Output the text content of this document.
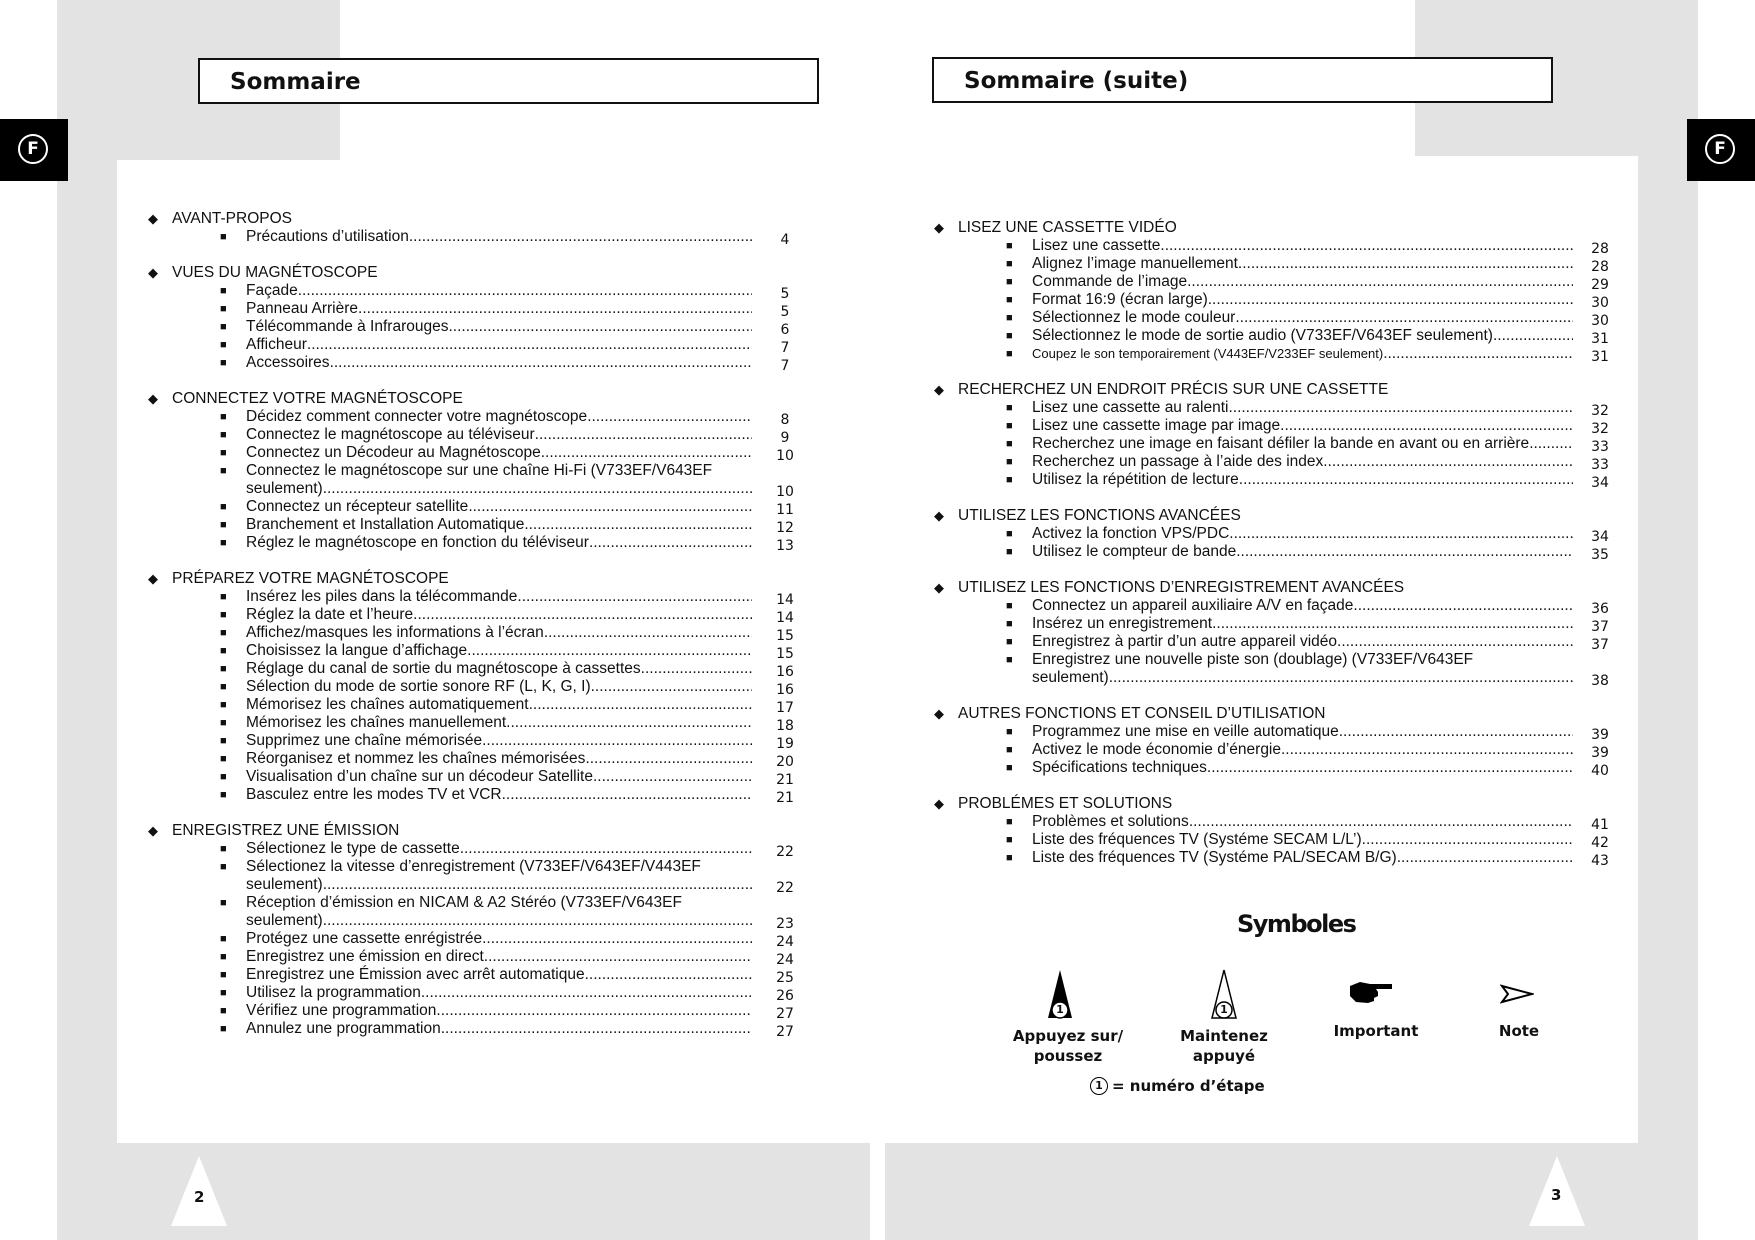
Sommaire	Sommaire (suite)
F	F
◆ AVANT-PROPOS
■ Précautions d’utilisation .....	4
◆ VUES DU MAGNÉTOSCOPE
■ Façade .....	5
■ Panneau Arrière .....	5
■ Télécommande à Infrarouges .....	6
■ Afficheur .....	7
■ Accessoires .....	7
◆ CONNECTEZ VOTRE MAGNÉTOSCOPE
■ Décidez comment connecter votre magnétoscope .....	8
■ Connectez le magnétoscope au téléviseur .....	9
■ Connectez un Décodeur au Magnétoscope .....	10
■ Connectez le magnétoscope sur une chaîne Hi-Fi (V733EF/V643EF
seulement) .....	10
■ Connectez un récepteur satellite .....	11
■ Branchement et Installation Automatique .....	12
■ Réglez le magnétoscope en fonction du téléviseur .....	13
◆ PRÉPAREZ VOTRE MAGNÉTOSCOPE
■ Insérez les piles dans la télécommande .....	14
■ Réglez la date et l’heure .....	14
■ Affichez/masques les informations à l’écran .....	15
■ Choisissez la langue d’affichage .....	15
■ Réglage du canal de sortie du magnétoscope à cassettes .....	16
■ Sélection du mode de sortie sonore RF (L, K, G, I) .....	16
■ Mémorisez les chaînes automatiquement .....	17
■ Mémorisez les chaînes manuellement .....	18
■ Supprimez une chaîne mémorisée .....	19
■ Réorganisez et nommez les chaînes mémorisées .....	20
■ Visualisation d’un chaîne sur un décodeur Satellite .....	21
■ Basculez entre les modes TV et VCR .....	21
◆ ENREGISTREZ UNE ÉMISSION
■ Sélectionez le type de cassette .....	22
■ Sélectionez la vitesse d’enregistrement (V733EF/V643EF/V443EF
seulement) .....	22
■ Réception d’émission en NICAM & A2 Stéréo (V733EF/V643EF
seulement) .....	23
■ Protégez une cassette enrégistrée .....	24
■ Enregistrez une émission en direct .....	24
■ Enregistrez une Émission avec arrêt automatique .....	25
■ Utilisez la programmation .....	26
■ Vérifiez une programmation .....	27
■ Annulez une programmation .....	27
◆ LISEZ UNE CASSETTE VIDÉO
■ Lisez une cassette .....	28
■ Alignez l’image manuellement .....	28
■ Commande de l’image .....	29
■ Format 16:9 (écran large) .....	30
■ Sélectionnez le mode couleur .....	30
■ Sélectionnez le mode de sortie audio (V733EF/V643EF seulement) .....	31
■ Coupez le son temporairement (V443EF/V233EF seulement) .....	31
◆ RECHERCHEZ UN ENDROIT PRÉCIS SUR UNE CASSETTE
■ Lisez une cassette au ralenti .....	32
■ Lisez une cassette image par image .....	32
■ Recherchez une image en faisant défiler la bande en avant ou en arrière .....	33
■ Recherchez un passage à l’aide des index .....	33
■ Utilisez la répétition de lecture .....	34
◆ UTILISEZ LES FONCTIONS AVANCÉES
■ Activez la fonction VPS/PDC .....	34
■ Utilisez le compteur de bande .....	35
◆ UTILISEZ LES FONCTIONS D’ENREGISTREMENT AVANCÉES
■ Connectez un appareil auxiliaire A/V en façade .....	36
■ Insérez un enregistrement .....	37
■ Enregistrez à partir d’un autre appareil vidéo .....	37
■ Enregistrez une nouvelle piste son (doublage) (V733EF/V643EF
seulement) .....	38
◆ AUTRES FONCTIONS ET CONSEIL D’UTILISATION
■ Programmez une mise en veille automatique .....	39
■ Activez le mode économie d’énergie .....	39
■ Spécifications techniques .....	40
◆ PROBLÉMES ET SOLUTIONS
■ Problèmes et solutions .....	41
■ Liste des fréquences TV (Systéme SECAM L/L’) .....	42
■ Liste des fréquences TV (Systéme PAL/SECAM B/G) .....	43
Symboles
1
Appuyez sur/
poussez
1
Maintenez
appuyé
Important	Note
1 = numéro d’étape
2	3
